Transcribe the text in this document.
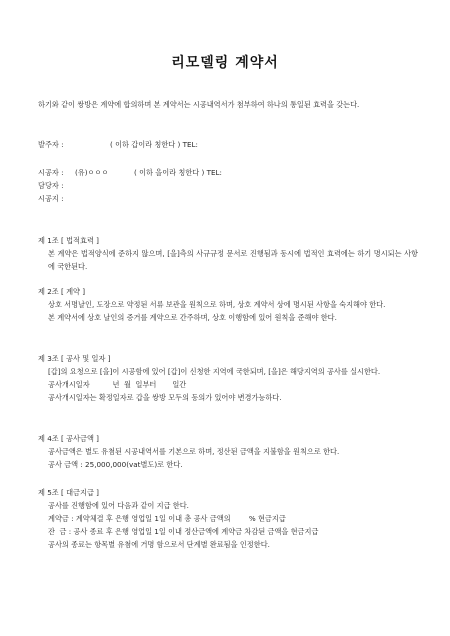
리모델링 계약서
하기와 같이 쌍방은 계약에 합의하며 본 계약서는 시공내역서가 첨부하여 하나의 통일된 효력을 갖는다.
발주자 :	( 이하 갑이라 칭한다 ) TEL:
시공자 : (유)ㅇㅇㅇ	( 이하 을이라 칭한다 ) TEL:
담당자 :
시공지 :
제 1조 [ 법적효력 ]
본 계약은 법적양식에 준하지 않으며, [을]측의 사규규정 문서로 진행됨과 동시에 법적인 효력에는 하기 명시되는 사항에 국한된다.
제 2조 [ 계약 ]
상호 서명날인, 도장으로 약정된 서류 보관을 원칙으로 하며, 상호 계약서 상에 명시된 사항을 숙지해야 한다.
본 계약서에 상호 날인의 증거를 계약으로 간주하며, 상호 이행함에 있어 원칙을 준해야 한다.
제 3조 [ 공사 및 일자 ]
[갑]의 요청으로 [을]이 시공함에 있어 [갑]이 신청한 지역에 국한되며, [을]은 해당지역의 공사를 실시한다.
공사개시일자          년  월  일부터       일간
공사개시일자는 확정일자로 갑을 쌍방 모두의 동의가 있어야 변경가능하다.
제 4조 [ 공사금액 ]
공사금액은 별도 유첨된 시공내역서를 기본으로 하며, 정산된 금액을 지불함을 원칙으로 한다.
공사 금액 : 25,000,000(vat별도)로 한다.
제 5조 [ 대금지급 ]
공사를 진행함에 있어 다음과 같이 지급 한다.
계약금 : 계약체결 후 은행 영업일 1일 이내 총 공사 금액의        % 현금지급
잔  금 : 공사 종료 후 은행 영업일 1일 이내 정산금액에 계약금 차감된 금액을 현금지급
공사의 종료는 항목별 유첨에 거명 함으로서 단계별 완료됨을 인정한다.
